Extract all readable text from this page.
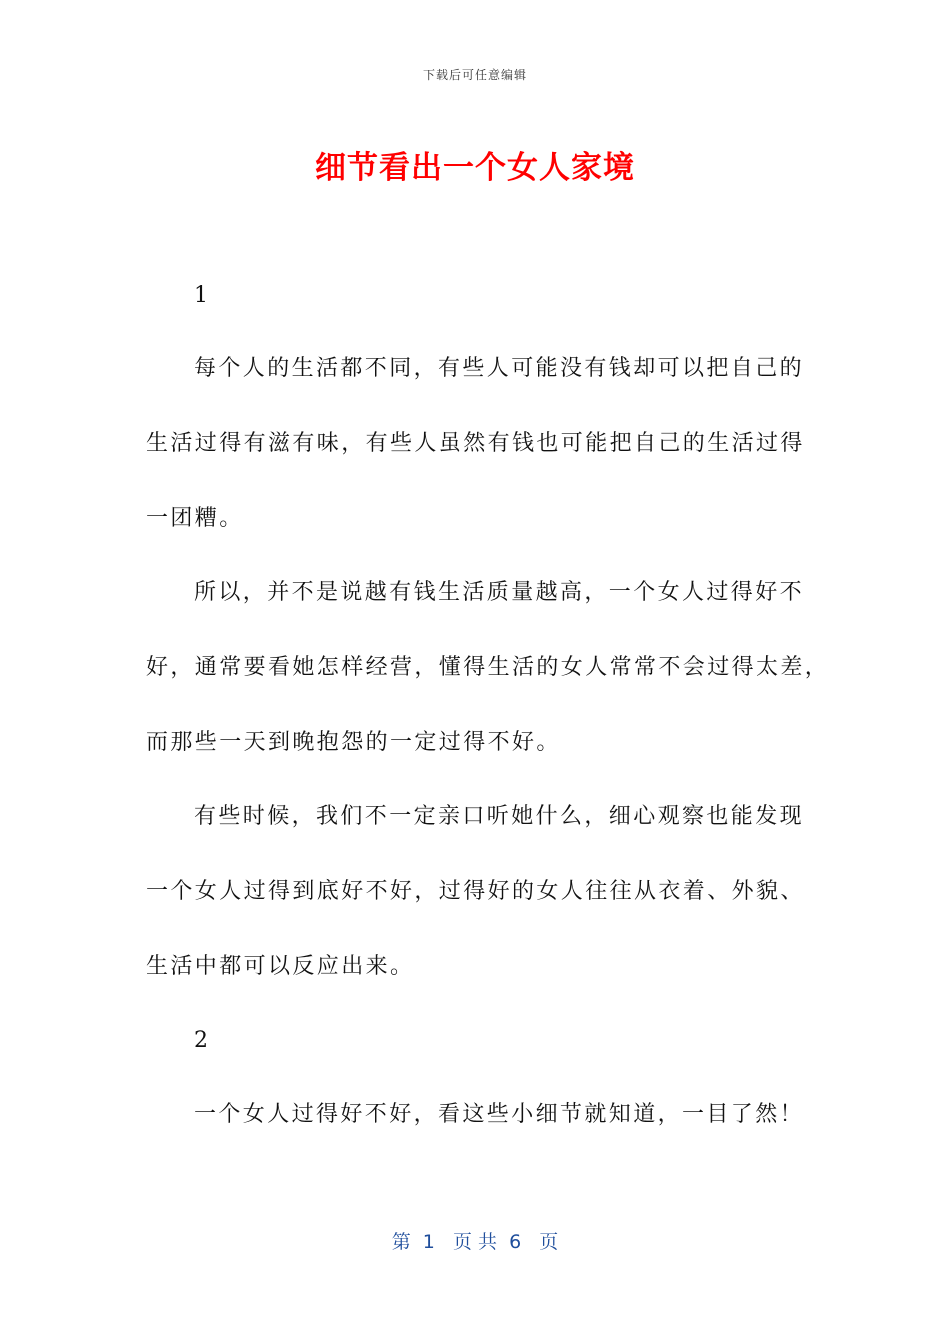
下载后可任意编辑
细节看出一个女人家境
1
每个人的生活都不同，有些人可能没有钱却可以把自己的
生活过得有滋有味，有些人虽然有钱也可能把自己的生活过得
一团糟。
所以，并不是说越有钱生活质量越高，一个女人过得好不
好，通常要看她怎样经营，懂得生活的女人常常不会过得太差，
而那些一天到晚抱怨的一定过得不好。
有些时候，我们不一定亲口听她什么，细心观察也能发现
一个女人过得到底好不好，过得好的女人往往从衣着、外貌、
生活中都可以反应出来。
2
一个女人过得好不好，看这些小细节就知道，一目了然！
第  1   页 共  6   页
